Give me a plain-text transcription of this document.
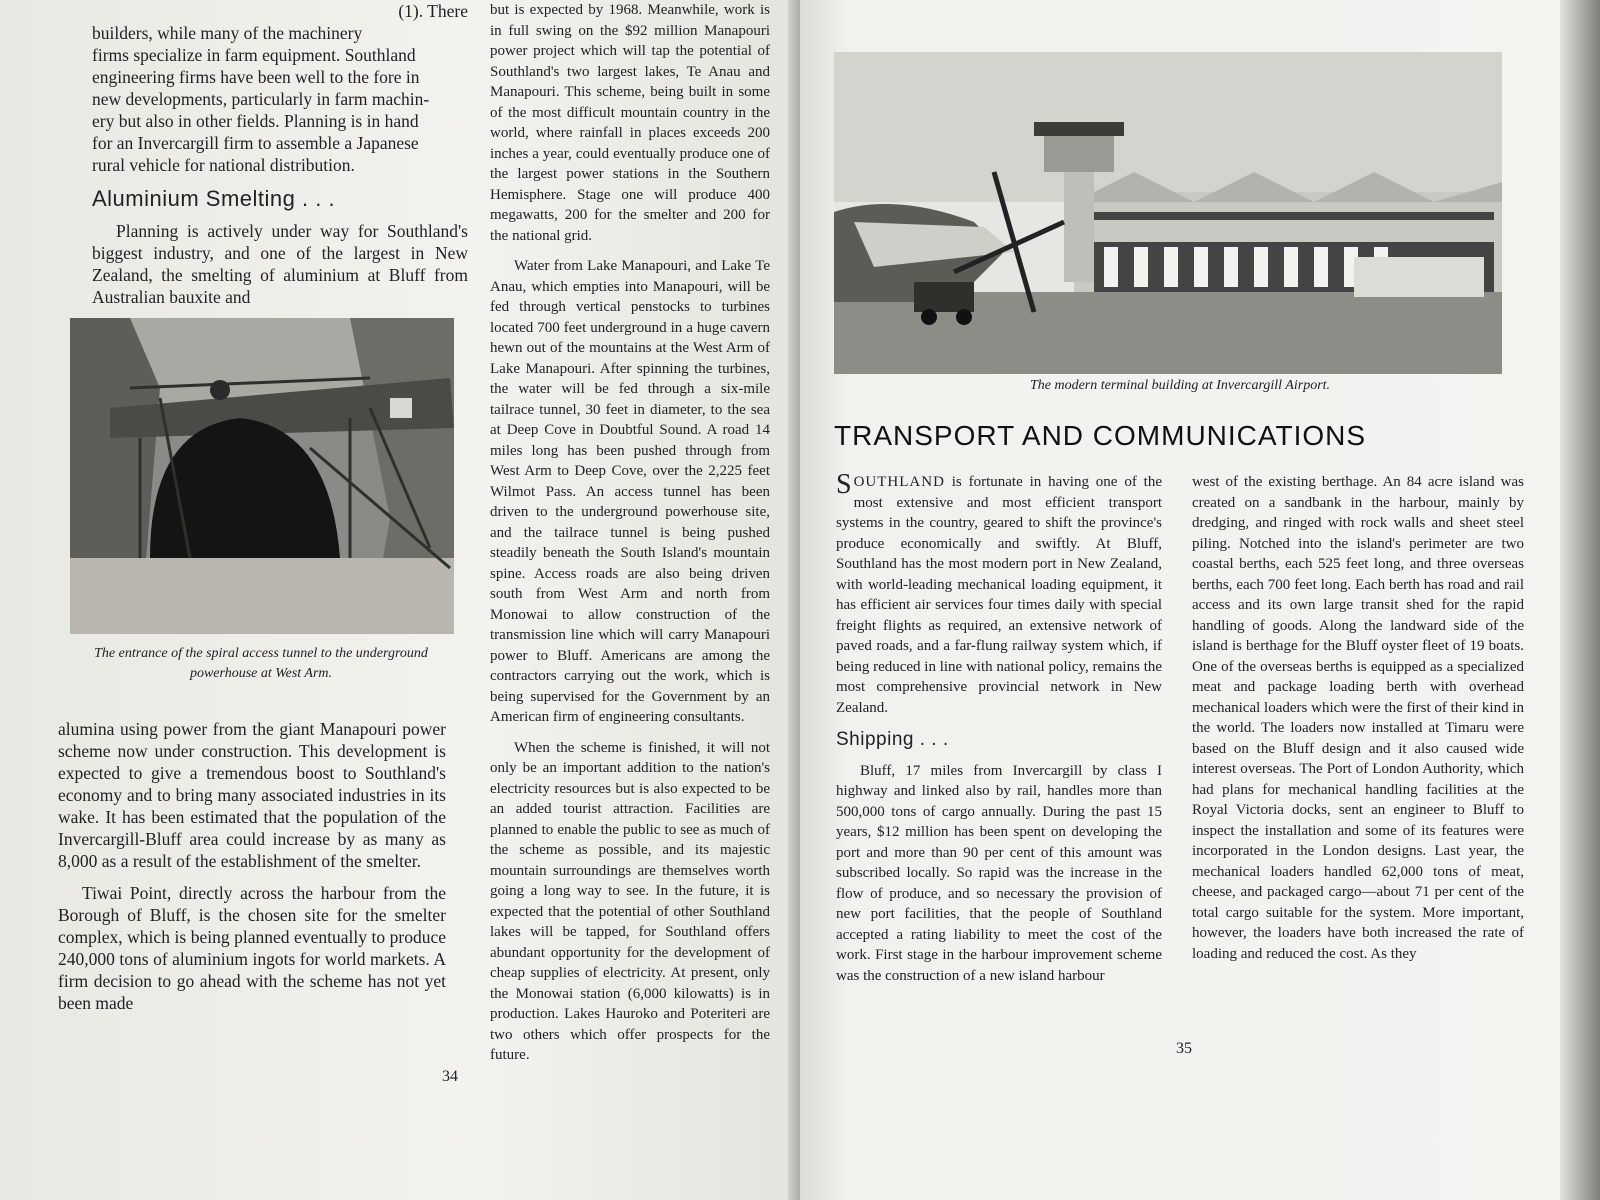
(1). There
builders, while many of the machinery
firms specialize in farm equipment. Southland
engineering firms have been well to the fore in
new developments, particularly in farm machin-
ery but also in other fields. Planning is in hand
for an Invercargill firm to assemble a Japanese
rural vehicle for national distribution.
Aluminium Smelting . . .

Planning is actively under way for Southland's biggest industry, and one of the largest in New Zealand, the smelting of aluminium at Bluff from Australian bauxite and

The entrance of the spiral access tunnel to the underground powerhouse at West Arm.

alumina using power from the giant Manapouri power scheme now under construction. This development is expected to give a tremendous boost to Southland's economy and to bring many associated industries in its wake. It has been estimated that the population of the Invercargill-Bluff area could increase by as many as 8,000 as a result of the establishment of the smelter.

Tiwai Point, directly across the harbour from the Borough of Bluff, is the chosen site for the smelter complex, which is being planned eventually to produce 240,000 tons of aluminium ingots for world markets. A firm decision to go ahead with the scheme has not yet been made

but is expected by 1968. Meanwhile, work is in full swing on the $92 million Manapouri power project which will tap the potential of Southland's two largest lakes, Te Anau and Manapouri. This scheme, being built in some of the most difficult mountain country in the world, where rainfall in places exceeds 200 inches a year, could eventually produce one of the largest power stations in the Southern Hemisphere. Stage one will produce 400 megawatts, 200 for the smelter and 200 for the national grid.

Water from Lake Manapouri, and Lake Te Anau, which empties into Manapouri, will be fed through vertical penstocks to turbines located 700 feet underground in a huge cavern hewn out of the mountains at the West Arm of Lake Manapouri. After spinning the turbines, the water will be fed through a six-mile tailrace tunnel, 30 feet in diameter, to the sea at Deep Cove in Doubtful Sound. A road 14 miles long has been pushed through from West Arm to Deep Cove, over the 2,225 feet Wilmot Pass. An access tunnel has been driven to the underground powerhouse site, and the tailrace tunnel is being pushed steadily beneath the South Island's mountain spine. Access roads are also being driven south from West Arm and north from Monowai to allow construction of the transmission line which will carry Manapouri power to Bluff. Americans are among the contractors carrying out the work, which is being supervised for the Government by an American firm of engineering consultants.

When the scheme is finished, it will not only be an important addition to the nation's electricity resources but is also expected to be an added tourist attraction. Facilities are planned to enable the public to see as much of the scheme as possible, and its majestic mountain surroundings are themselves worth going a long way to see. In the future, it is expected that the potential of other Southland lakes will be tapped, for Southland offers abundant opportunity for the development of cheap supplies of electricity. At present, only the Monowai station (6,000 kilowatts) is in production. Lakes Hauroko and Poteriteri are two others which offer prospects for the future.

34
The modern terminal building at Invercargill Airport.
TRANSPORT AND COMMUNICATIONS

SOUTHLAND is fortunate in having one of the most extensive and most efficient transport systems in the country, geared to shift the province's produce economically and swiftly. At Bluff, Southland has the most modern port in New Zealand, with world-leading mechanical loading equipment, it has efficient air services four times daily with special freight flights as required, an extensive network of paved roads, and a far-flung railway system which, if being reduced in line with national policy, remains the most comprehensive provincial network in New Zealand.

Shipping . . .

Bluff, 17 miles from Invercargill by class I highway and linked also by rail, handles more than 500,000 tons of cargo annually. During the past 15 years, $12 million has been spent on developing the port and more than 90 per cent of this amount was subscribed locally. So rapid was the increase in the flow of produce, and so necessary the provision of new port facilities, that the people of Southland accepted a rating liability to meet the cost of the work. First stage in the harbour improvement scheme was the construction of a new island harbour

west of the existing berthage. An 84 acre island was created on a sandbank in the harbour, mainly by dredging, and ringed with rock walls and sheet steel piling. Notched into the island's perimeter are two coastal berths, each 525 feet long, and three overseas berths, each 700 feet long. Each berth has road and rail access and its own large transit shed for the rapid handling of goods. Along the landward side of the island is berthage for the Bluff oyster fleet of 19 boats. One of the overseas berths is equipped as a specialized meat and package loading berth with overhead mechanical loaders which were the first of their kind in the world. The loaders now installed at Timaru were based on the Bluff design and it also caused wide interest overseas. The Port of London Authority, which had plans for mechanical handling facilities at the Royal Victoria docks, sent an engineer to Bluff to inspect the installation and some of its features were incorporated in the London designs. Last year, the mechanical loaders handled 62,000 tons of meat, cheese, and packaged cargo—about 71 per cent of the total cargo suitable for the system. More important, however, the loaders have both increased the rate of loading and reduced the cost. As they

35
